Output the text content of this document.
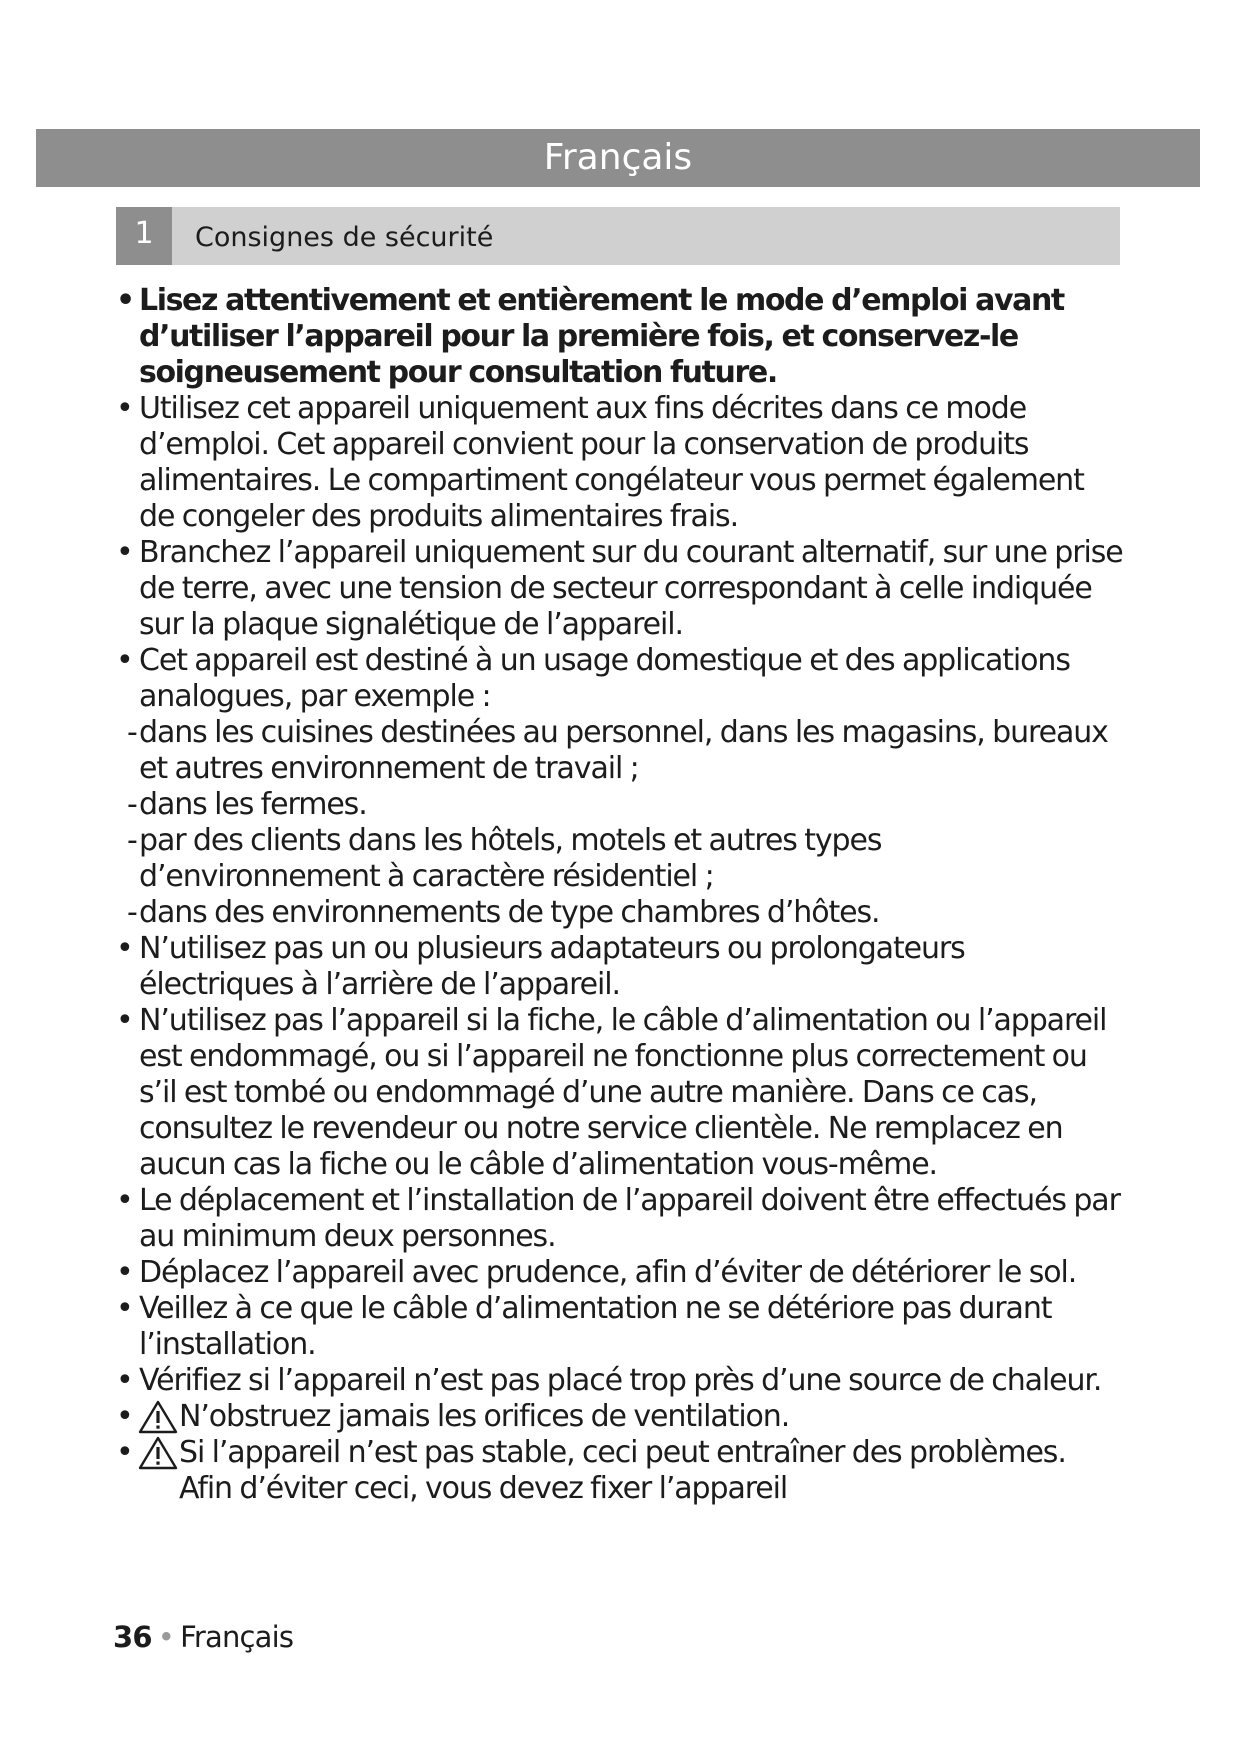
Français
1	Consignes de sécurité
• Lisez attentivement et entièrement le mode d’emploi avant d’utiliser l’appareil pour la première fois, et conservez-le soigneusement pour consultation future.
• Utilisez cet appareil uniquement aux fins décrites dans ce mode d’emploi. Cet appareil convient pour la conservation de produits alimentaires. Le compartiment congélateur vous permet également de congeler des produits alimentaires frais.
• Branchez l’appareil uniquement sur du courant alternatif, sur une prise de terre, avec une tension de secteur correspondant à celle indiquée sur la plaque signalétique de l’appareil.
• Cet appareil est destiné à un usage domestique et des applications analogues, par exemple :
- dans les cuisines destinées au personnel, dans les magasins, bureaux et autres environnement de travail ;
- dans les fermes.
- par des clients dans les hôtels, motels et autres types d’environnement à caractère résidentiel ;
- dans des environnements de type chambres d’hôtes.
• N’utilisez pas un ou plusieurs adaptateurs ou prolongateurs électriques à l’arrière de l’appareil.
• N’utilisez pas l’appareil si la fiche, le câble d’alimentation ou l’appareil est endommagé, ou si l’appareil ne fonctionne plus correctement ou s’il est tombé ou endommagé d’une autre manière. Dans ce cas, consultez le revendeur ou notre service clientèle. Ne remplacez en aucun cas la fiche ou le câble d’alimentation vous-même.
• Le déplacement et l’installation de l’appareil doivent être effectués par au minimum deux personnes.
• Déplacez l’appareil avec prudence, afin d’éviter de détériorer le sol.
• Veillez à ce que le câble d’alimentation ne se détériore pas durant l’installation.
• Vérifiez si l’appareil n’est pas placé trop près d’une source de chaleur.
• N’obstruez jamais les orifices de ventilation.
• Si l’appareil n’est pas stable, ceci peut entraîner des problèmes. Afin d’éviter ceci, vous devez fixer l’appareil
36 • Français
